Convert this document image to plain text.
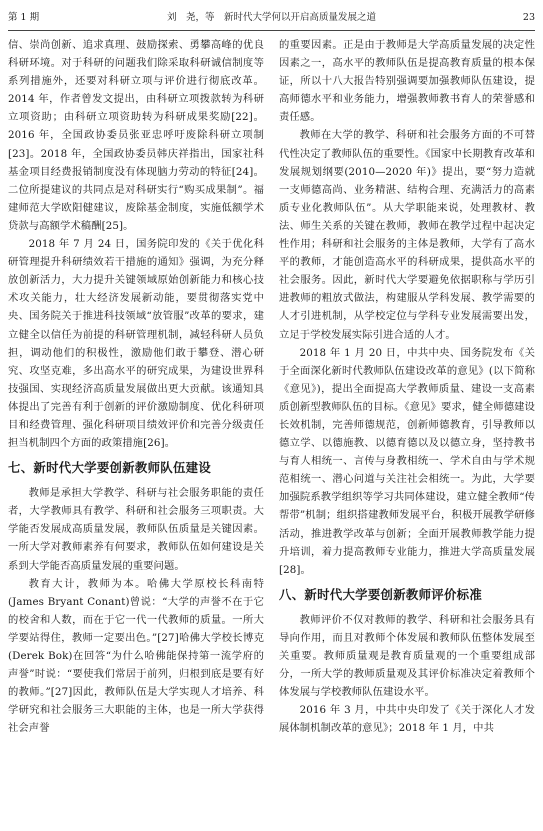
第 1 期	刘　尧，等　新时代大学何以开启高质量发展之道	23

信、崇尚创新、追求真理、鼓励探索、勇攀高峰的优良科研环境。对于科研的问题我们除采取科研诚信制度等系列措施外，还要对科研立项与评价进行彻底改革。2014 年，作者曾发文提出，由科研立项拨款转为科研立项资助；由科研立项资助转为科研成果奖励[22]。2016 年，全国政协委员张亚忠呼吁废除科研立项制[23]。2018 年，全国政协委员韩庆祥指出，国家社科基金项目经费报销制度没有体现脑力劳动的特征[24]。二位所提建议的共同点是对科研实行“购买成果制”。福建师范大学欧阳健建议，废除基金制度，实施低额学术贷款与高额学术稿酬[25]。

2018 年 7 月 24 日，国务院印发的《关于优化科研管理提升科研绩效若干措施的通知》强调，为充分释放创新活力，大力提升关键领域原始创新能力和核心技术攻关能力，壮大经济发展新动能，要贯彻落实党中央、国务院关于推进科技领域“放管服”改革的要求，建立健全以信任为前提的科研管理机制，减轻科研人员负担，调动他们的积极性，激励他们敢于攀登、潜心研究、攻坚克难，多出高水平的研究成果，为建设世界科技强国、实现经济高质量发展做出更大贡献。该通知具体提出了完善有利于创新的评价激励制度、优化科研项目和经费管理、强化科研项目绩效评价和完善分级责任担当机制四个方面的政策措施[26]。

七、新时代大学要创新教师队伍建设

教师是承担大学教学、科研与社会服务职能的责任者，大学教师具有教学、科研和社会服务三项职责。大学能否发展成高质量发展，教师队伍质量是关键因素。一所大学对教师素养有何要求，教师队伍如何建设是关系到大学能否高质量发展的重要问题。

教育大计，教师为本。哈佛大学原校长科南特(James Bryant Conant)曾说：“大学的声誉不在于它的校舍和人数，而在于它一代一代教师的质量。一所大学要站得住，教师一定要出色。”[27]哈佛大学校长博克(Derek Bok)在回答“为什么哈佛能保持第一流学府的声誉”时说：“要使我们常居于前列，归根到底是要有好的教师。”[27]因此，教师队伍是大学实现人才培养、科学研究和社会服务三大职能的主体，也是一所大学获得社会声誉

的重要因素。正是由于教师是大学高质量发展的决定性因素之一，高水平的教师队伍是提高教育质量的根本保证，所以十八大报告特别强调要加强教师队伍建设，提高师德水平和业务能力，增强教师教书育人的荣誉感和责任感。

教师在大学的教学、科研和社会服务方面的不可替代性决定了教师队伍的重要性。《国家中长期教育改革和发展规划纲要(2010—2020 年)》提出，要“努力造就一支师德高尚、业务精湛、结构合理、充满活力的高素质专业化教师队伍”。从大学职能来说，处理教材、教法、师生关系的关键在教师，教师在教学过程中起决定性作用；科研和社会服务的主体是教师，大学有了高水平的教师，才能创造高水平的科研成果，提供高水平的社会服务。因此，新时代大学要避免依据职称与学历引进教师的粗放式做法，构建服从学科发展、教学需要的人才引进机制，从学校定位与学科专业发展需要出发，立足于学校发展实际引进合适的人才。

2018 年 1 月 20 日，中共中央、国务院发布《关于全面深化新时代教师队伍建设改革的意见》(以下简称《意见》)，提出全面提高大学教师质量、建设一支高素质创新型教师队伍的目标。《意见》要求，健全师德建设长效机制，完善师德规范，创新师德教育，引导教师以德立学、以德施教、以德育德以及以德立身，坚持教书与育人相统一、言传与身教相统一、学术自由与学术规范相统一、潜心问道与关注社会相统一。为此，大学要加强院系教学组织等学习共同体建设，建立健全教师“传帮带”机制；组织搭建教师发展平台，积极开展教学研修活动，推进教学改革与创新；全面开展教师教学能力提升培训，着力提高教师专业能力，推进大学高质量发展[28]。

八、新时代大学要创新教师评价标准

教师评价不仅对教师的教学、科研和社会服务具有导向作用，而且对教师个体发展和教师队伍整体发展至关重要。教师质量观是教育质量观的一个重要组成部分，一所大学的教师质量观及其评价标准决定着教师个体发展与学校教师队伍建设水平。

2016 年 3 月，中共中央印发了《关于深化人才发展体制机制改革的意见》；2018 年 1 月，中共
